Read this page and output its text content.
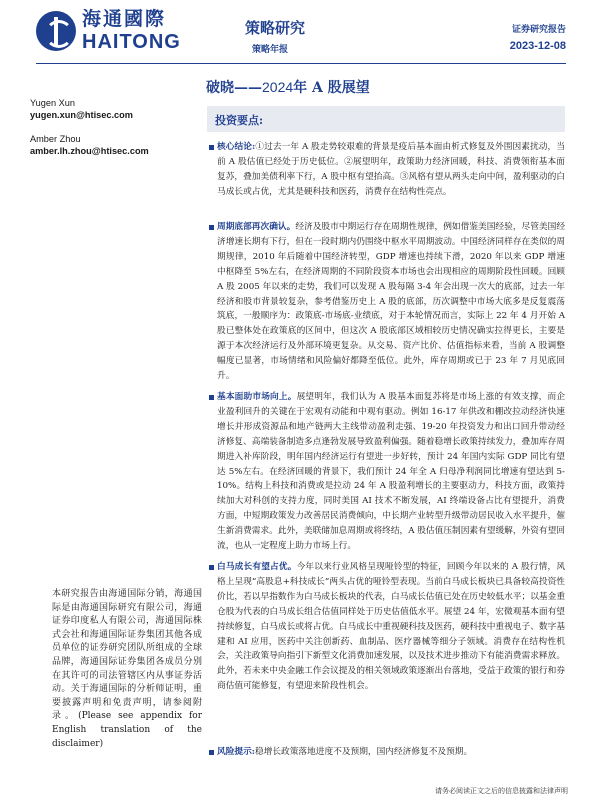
海通國際
HAITONG
策略研究
策略年报
证券研究报告
2023-12-08
破晓——2024年 A 股展望
Yugen Xun
yugen.xun@htisec.com
Amber Zhou
amber.lh.zhou@htisec.com
投资要点:
核心结论:①过去一年 A 股走势较艰难的背景是疫后基本面由析式修复及外围因素扰动，当前 A 股估值已经处于历史低位。②展望明年，政策助力经济回暖，科技、消费领衔基本面复苏，叠加美债利率下行，A 股中枢有望抬高。③风格有望从两头走向中间，盈利驱动的白马成长或占优，尤其是硬科技和医药，消费存在结构性亮点。
周期底部再次确认。经济及股市中期运行存在周期性规律，例如借鉴美国经验，尽管美国经济增速长期有下行，但在一段时期内仍围绕中枢水平周期波动。中国经济同样存在类似的周期规律，2010 年后随着中国经济转型，GDP 增速也持续下滑，2020 年以来 GDP 增速中枢降至 5%左右，在经济周期的不同阶段资本市场也会出现相应的周期阶段性回暖。回顾 A 股 2005 年以来的走势，我们可以发现 A 股每隔 3-4 年会出现一次大的底部，过去一年经济和股市背景较复杂，参考借鉴历史上 A 股的底部，历次调整中市场大底多是反复震荡筑底，一般顺序为：政策底-市场底-业绩底，对于本轮情况而言，实际上 22 年 4 月开始 A 股已整体处在政策底的区间中，但这次 A 股底部区域相较历史情况确实拉得更长，主要是源于本次经济运行及外部环境更复杂。从交易、资产比价、估值指标来看，当前 A 股调整幅度已显著，市场情绪和风险偏好都降至低位。此外，库存周期或已于 23 年 7 月见底回升。
基本面助市场向上。展望明年，我们认为 A 股基本面复苏将是市场上涨的有效支撑，而企业盈利回升的关键在于宏观有动能和中观有驱动。例如 16-17 年供改和棚改拉动经济快速增长并形成资源品和地产链两大主线带动盈利走强、19-20 年投资发力和出口回升带动经济修复、高端装备制造多点逢勃发展导致盈利偏强。随着稳增长政策持续发力，叠加库存周期进入补库阶段，明年国内经济运行有望进一步好转，预计 24 年国内实际 GDP 同比有望达 5%左右。在经济回暖的背景下，我们预计 24 年全 A 归母净利润同比增速有望达到 5-10%。结构上科技和消费或是拉动 24 年 A 股盈利增长的主要驱动力，科技方面，政策持续加大对科创的支持力度，同时美国 AI 技术不断发展，AI 终端设备占比有望提升，消费方面，中短期政策发力改善居民消费倾向，中长期产业转型升级带动居民收入水平提升，催生新消费需求。此外，美联储加息周期或将终结，A 股估值压制因素有望缓解，外资有望回流，也从一定程度上助力市场上行。
白马成长有望占优。今年以来行业风格呈现哑铃型的特征，回顾今年以来的 A 股行情，风格上呈现“高股息+科技成长”两头占优的哑铃型表现。当前白马成长板块已具备较高投资性价比，若以早指数作为白马成长板块的代表，白马成长估值已处在历史较低水平；以基金重仓股为代表的白马成长组合估值同样处于历史估值低水平。展望 24 年，宏微观基本面有望持续修复，白马成长或将占优。白马成长中重视硬科技及医药，硬科技中重视电子、数字基建和 AI 应用，医药中关注创新药、血制品、医疗器械等细分子领域。消费存在结构性机会，关注政策导向指引下新型文化消费加速发展，以及技术进步推动下有能消费需求释放。此外，若未来中央金融工作会议提及的相关领域政策逐渐出台落地，受益于政策的银行和券商估值可能修复，有望迎来阶段性机会。
风险提示:稳增长政策落地进度不及预期，国内经济修复不及预期。
本研究报告由海通国际分销，海通国际是由海通国际研究有限公司，海通证券印度私人有限公司，海通国际株式会社和海通国际证券集团其他各成员单位的证券研究团队所组成的全球品牌，海通国际证券集团各成员分别在其许可的司法管辖区内从事证券活动。关于海通国际的分析师证明，重要披露声明和免责声明，请参阅附录。(Please see appendix for English translation of the disclaimer)
请务必阅读正文之后的信息披露和法律声明
